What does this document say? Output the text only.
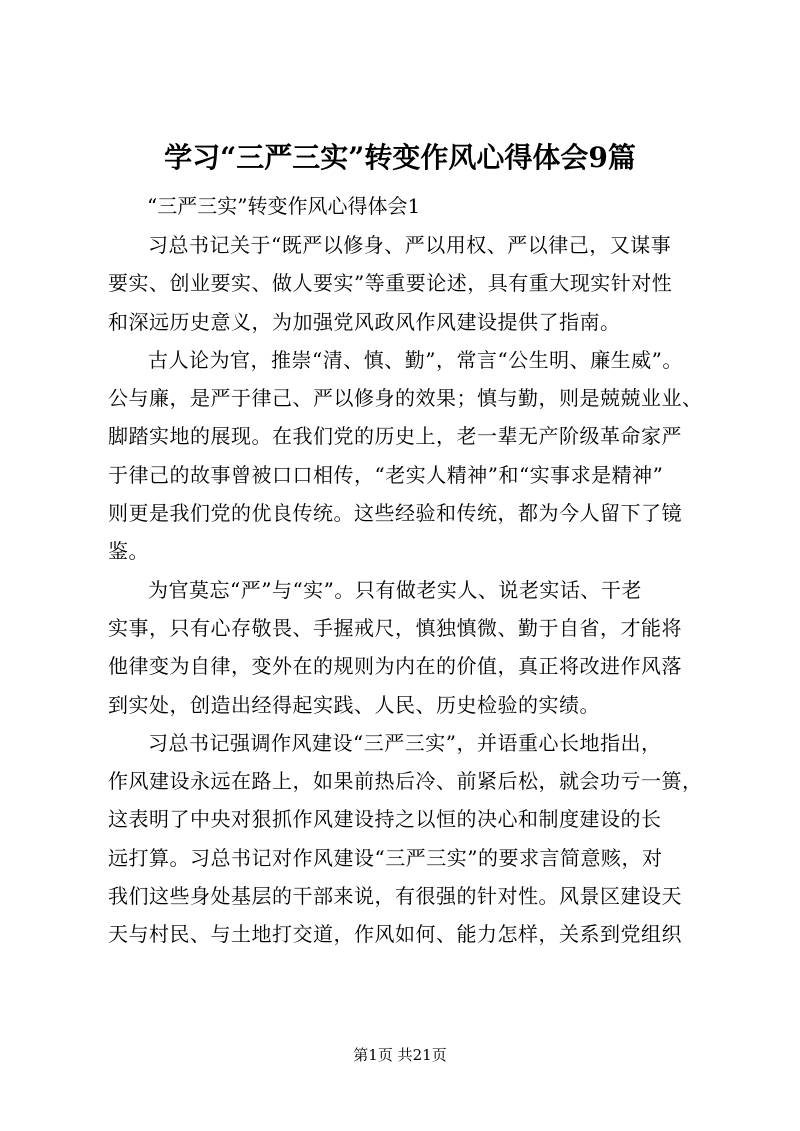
学习“三严三实”转变作风心得体会9篇

“三严三实”转变作风心得体会1

习总书记关于“既严以修身、严以用权、严以律己，又谋事
要实、创业要实、做人要实”等重要论述，具有重大现实针对性
和深远历史意义，为加强党风政风作风建设提供了指南。
古人论为官，推崇“清、慎、勤”，常言“公生明、廉生威”。
公与廉，是严于律己、严以修身的效果；慎与勤，则是兢兢业业、
脚踏实地的展现。在我们党的历史上，老一辈无产阶级革命家严
于律己的故事曾被口口相传，“老实人精神”和“实事求是精神”
则更是我们党的优良传统。这些经验和传统，都为今人留下了镜
鉴。
为官莫忘“严”与“实”。只有做老实人、说老实话、干老
实事，只有心存敬畏、手握戒尺，慎独慎微、勤于自省，才能将
他律变为自律，变外在的规则为内在的价值，真正将改进作风落
到实处，创造出经得起实践、人民、历史检验的实绩。
习总书记强调作风建设“三严三实”，并语重心长地指出，
作风建设永远在路上，如果前热后冷、前紧后松，就会功亏一篑，
这表明了中央对狠抓作风建设持之以恒的决心和制度建设的长
远打算。习总书记对作风建设“三严三实”的要求言简意赅，对
我们这些身处基层的干部来说，有很强的针对性。风景区建设天
天与村民、与土地打交道，作风如何、能力怎样，关系到党组织
第1页 共21页
